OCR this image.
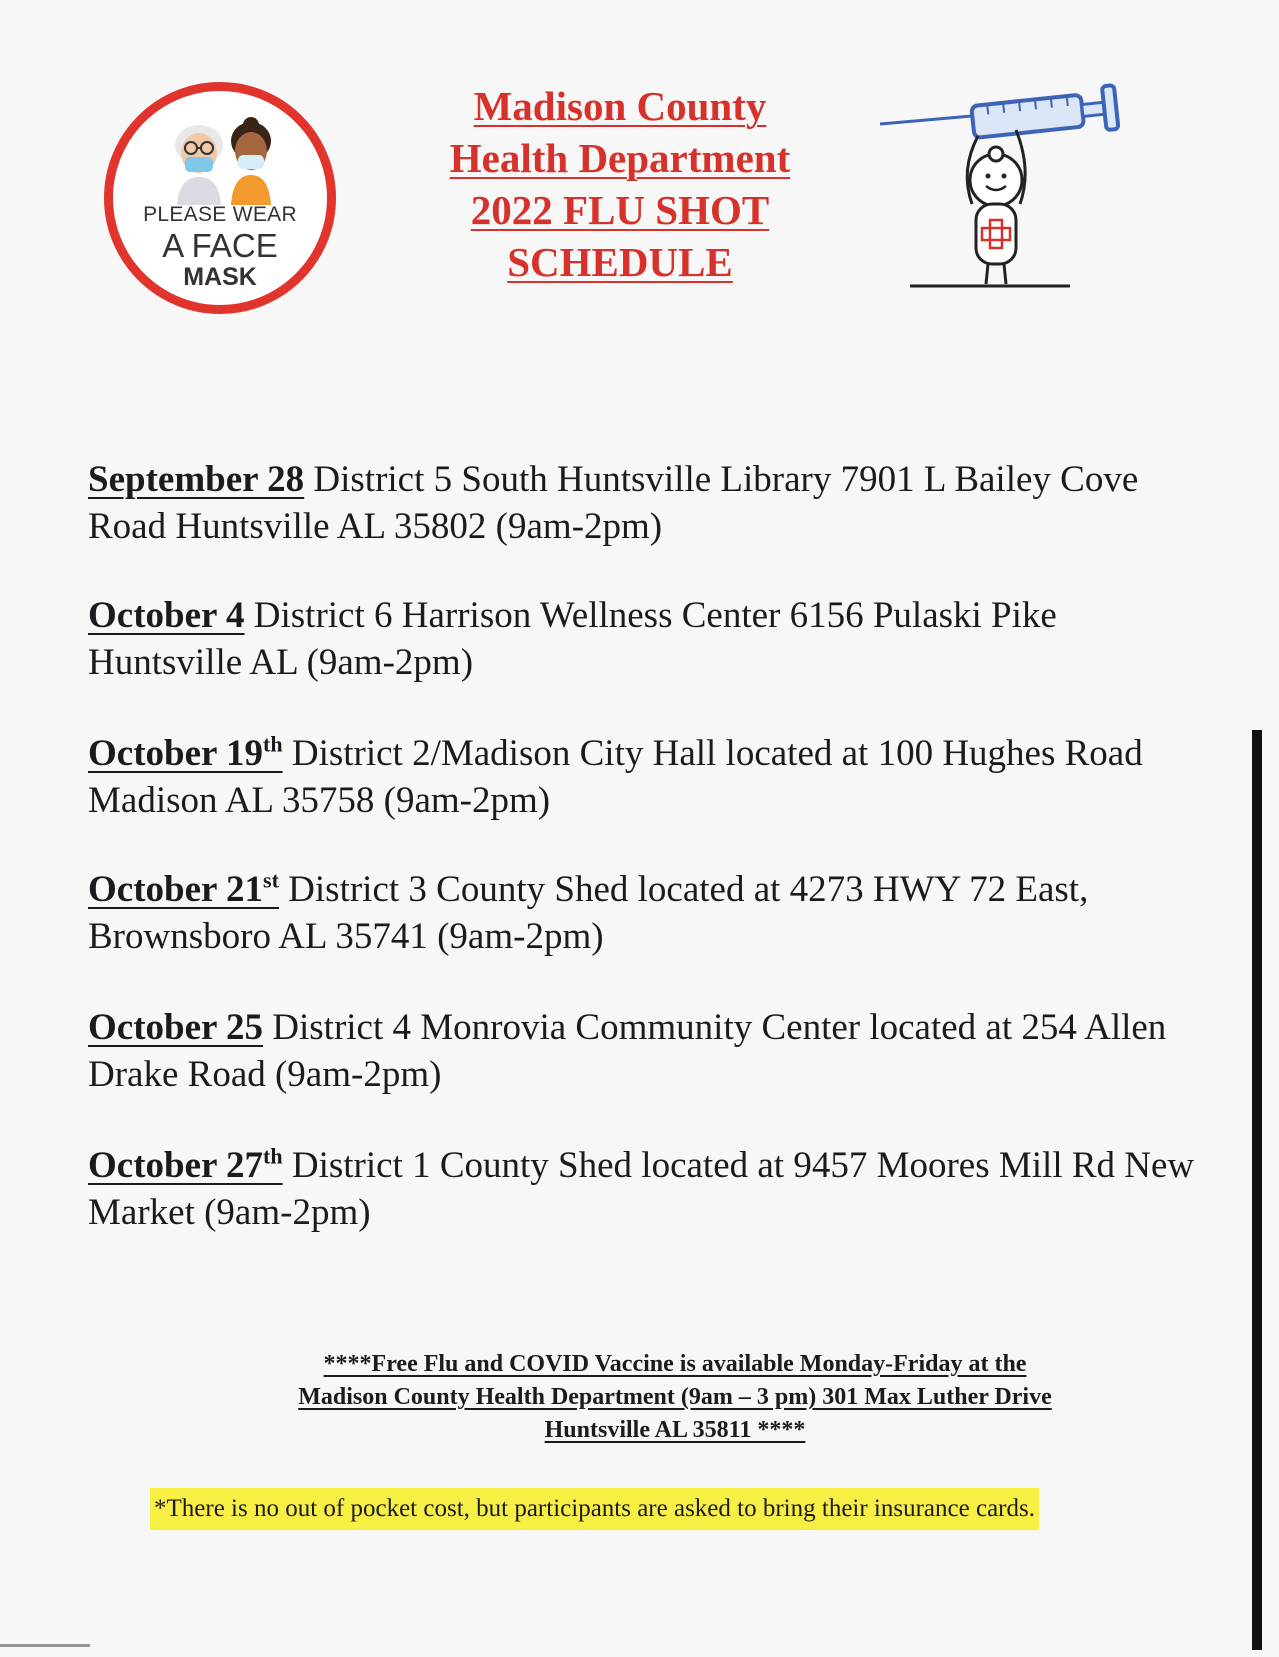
PLEASE WEAR
A FACE
MASK
Madison County
Health Department
2022 FLU SHOT
SCHEDULE
September 28 District 5 South Huntsville Library 7901 L Bailey Cove Road Huntsville AL 35802 (9am-2pm)
October 4 District 6 Harrison Wellness Center 6156 Pulaski Pike Huntsville AL (9am-2pm)
October 19th District 2/Madison City Hall located at 100 Hughes Road Madison AL 35758 (9am-2pm)
October 21st District 3 County Shed located at 4273 HWY 72 East, Brownsboro AL 35741 (9am-2pm)
October 25 District 4 Monrovia Community Center located at 254 Allen Drake Road (9am-2pm)
October 27th District 1 County Shed located at 9457 Moores Mill Rd New Market (9am-2pm)
****Free Flu and COVID Vaccine is available Monday-Friday at the
Madison County Health Department (9am – 3 pm) 301 Max Luther Drive
Huntsville AL 35811 ****
*There is no out of pocket cost, but participants are asked to bring their insurance cards.
